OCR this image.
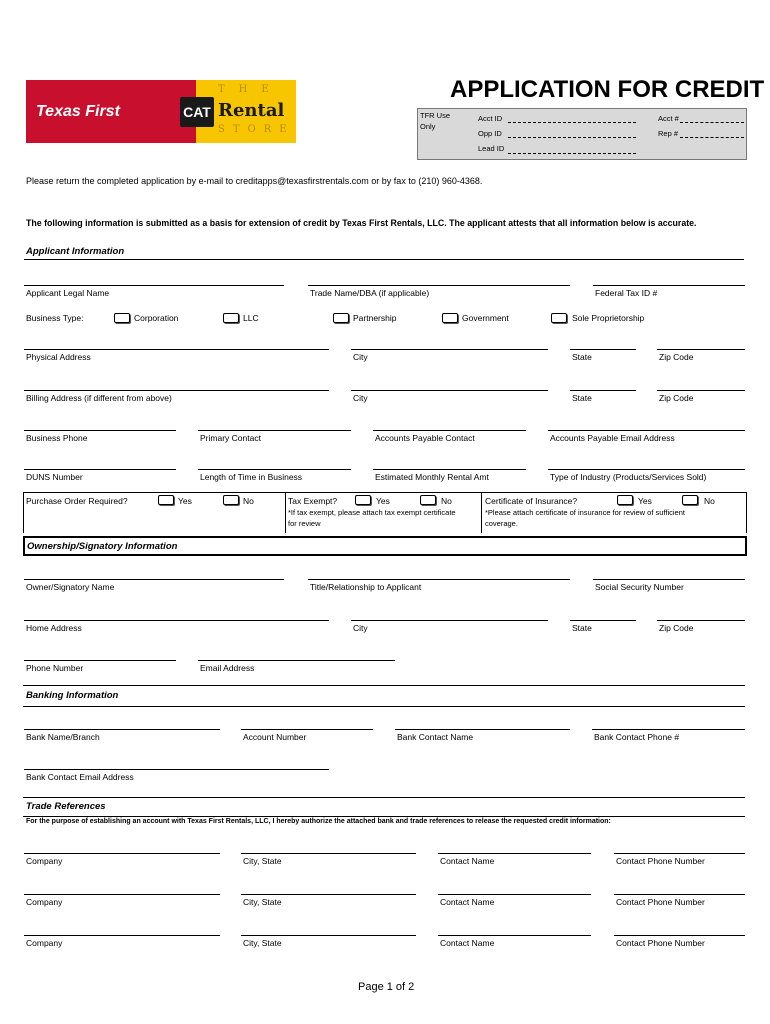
Texas First	CAT
THE
Rental
STORE
APPLICATION FOR CREDIT
TFR Use
Only
Acct ID	Acct #
Opp ID	Rep #
Lead ID
Please return the completed application by e-mail to creditapps@texasfirstrentals.com or by fax to (210) 960-4368.
The following information is submitted as a basis for extension of credit by Texas First Rentals, LLC. The applicant attests that all information below is accurate.
Applicant Information
Applicant Legal Name	Trade Name/DBA (if applicable)	Federal Tax ID #
Business Type:	Corporation	LLC	Partnership	Government	Sole Proprietorship
Physical Address	City	State	Zip Code
Billing Address (if different from above)	City	State	Zip Code
Business Phone	Primary Contact	Accounts Payable Contact	Accounts Payable Email Address
DUNS Number	Length of Time in Business	Estimated Monthly Rental Amt	Type of Industry (Products/Services Sold)
Purchase Order Required?	Yes	No	Tax Exempt?	Yes	No
*If tax exempt, please attach tax exempt certificate
for review
Certificate of Insurance?	Yes	No
*Please attach certificate of insurance for review of sufficient
coverage.
Ownership/Signatory Information
Owner/Signatory Name	Title/Relationship to Applicant	Social Security Number
Home Address	City	State	Zip Code
Phone Number	Email Address
Banking Information
Bank Name/Branch	Account Number	Bank Contact Name	Bank Contact Phone #
Bank Contact Email Address
Trade References
For the purpose of establishing an account with Texas First Rentals, LLC, I hereby authorize the attached bank and trade references to release the requested credit information:
Company	City, State	Contact Name	Contact Phone Number
Company	City, State	Contact Name	Contact Phone Number
Company	City, State	Contact Name	Contact Phone Number
Page 1 of 2
